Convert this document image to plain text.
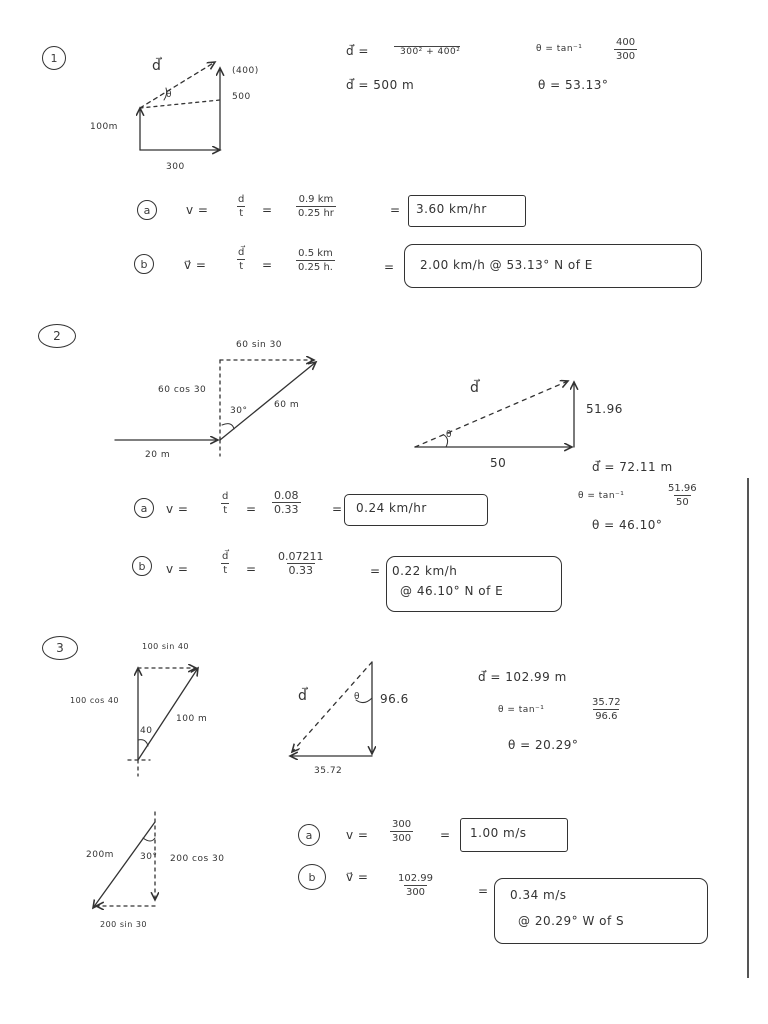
1	d⃗	(400)
500
100m
300
θ
d⃗ =	300² + 400²
d⃗ = 500 m
θ = tan⁻¹	$\frac{400}{300}$
θ = 53.13°
a	v =	$\frac{d}{t} = \frac{0.9 km}{0.25 hr}$	= 3.60 km/hr
b	v⃗ =	$\frac{d⃗}{t} = \frac{0.5 km}{0.25 h.}$	= 2.00 km/h @ 53.13° N of E
2
60 sin 30
60 cos 30
30°
60 m
20 m
d⃗
51.96
50
θ
d⃗ = 72.11 m
θ = tan⁻¹	$\frac{51.96}{50}$
θ = 46.10°
a v =	$\frac{d}{t} = \frac{0.08}{0.33}$	= 0.24 km/hr
b v =	$\frac{d⃗}{t} = \frac{0.07211}{0.33}$	= 0.22 km/h
@ 46.10° N of E
3	100 sin 40
100 cos 40
40
100 m
d⃗	96.6
35.72
θ
d⃗ = 102.99 m
θ = tan⁻¹	$\frac{35.72}{96.6}$
θ = 20.29°
200m	30° 200 cos 30
200 sin 30
a	$v = \frac{300}{300} = 1.00$ m/s
b	v⃗ =	$\frac{102.99}{300}$	= 0.34 m/s
@ 20.29° W of S
